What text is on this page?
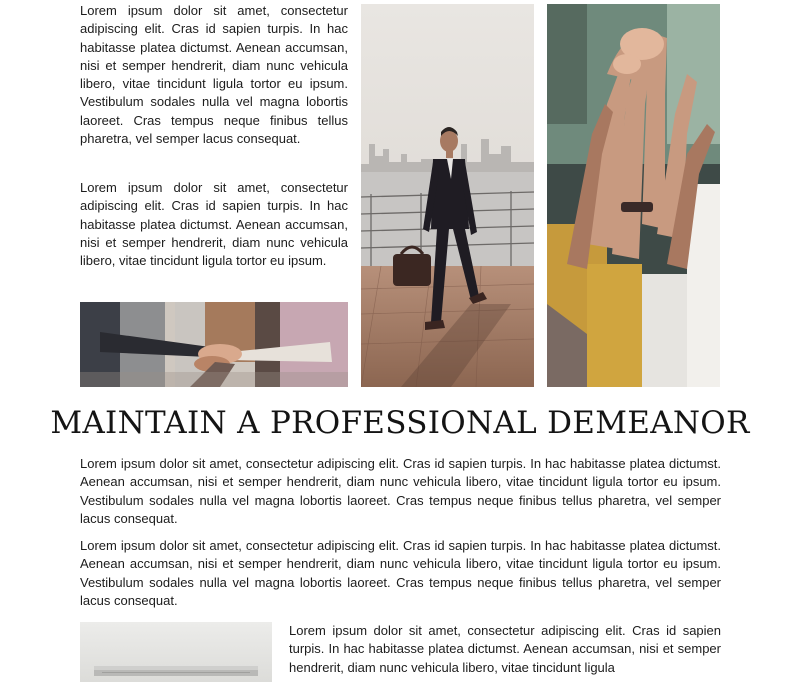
Lorem ipsum dolor sit amet, consectetur adipiscing elit. Cras id sapien turpis. In hac habitasse platea dictumst. Aenean accumsan, nisi et semper hendrerit, diam nunc vehicula libero, vitae tincidunt ligula tortor eu ipsum. Vestibulum sodales nulla vel magna lobortis laoreet. Cras tempus neque finibus tellus pharetra, vel semper lacus consequat.

Lorem ipsum dolor sit amet, consectetur adipiscing elit. Cras id sapien turpis. In hac habitasse platea dictumst. Aenean accumsan, nisi et semper hendrerit, diam nunc vehicula libero, vitae tincidunt ligula tortor eu ipsum.

MAINTAIN A PROFESSIONAL DEMEANOR

Lorem ipsum dolor sit amet, consectetur adipiscing elit. Cras id sapien turpis. In hac habitasse platea dictumst. Aenean accumsan, nisi et semper hendrerit, diam nunc vehicula libero, vitae tincidunt ligula tortor eu ipsum. Vestibulum sodales nulla vel magna lobortis laoreet. Cras tempus neque finibus tellus pharetra, vel semper lacus consequat.

Lorem ipsum dolor sit amet, consectetur adipiscing elit. Cras id sapien turpis. In hac habitasse platea dictumst. Aenean accumsan, nisi et semper hendrerit, diam nunc vehicula libero, vitae tincidunt ligula tortor eu ipsum. Vestibulum sodales nulla vel magna lobortis laoreet. Cras tempus neque finibus tellus pharetra, vel semper lacus consequat.

Lorem ipsum dolor sit amet, consectetur adipiscing elit. Cras id sapien turpis. In hac habitasse platea dictumst. Aenean accumsan, nisi et semper hendrerit, diam nunc vehicula libero, vitae tincidunt ligula
